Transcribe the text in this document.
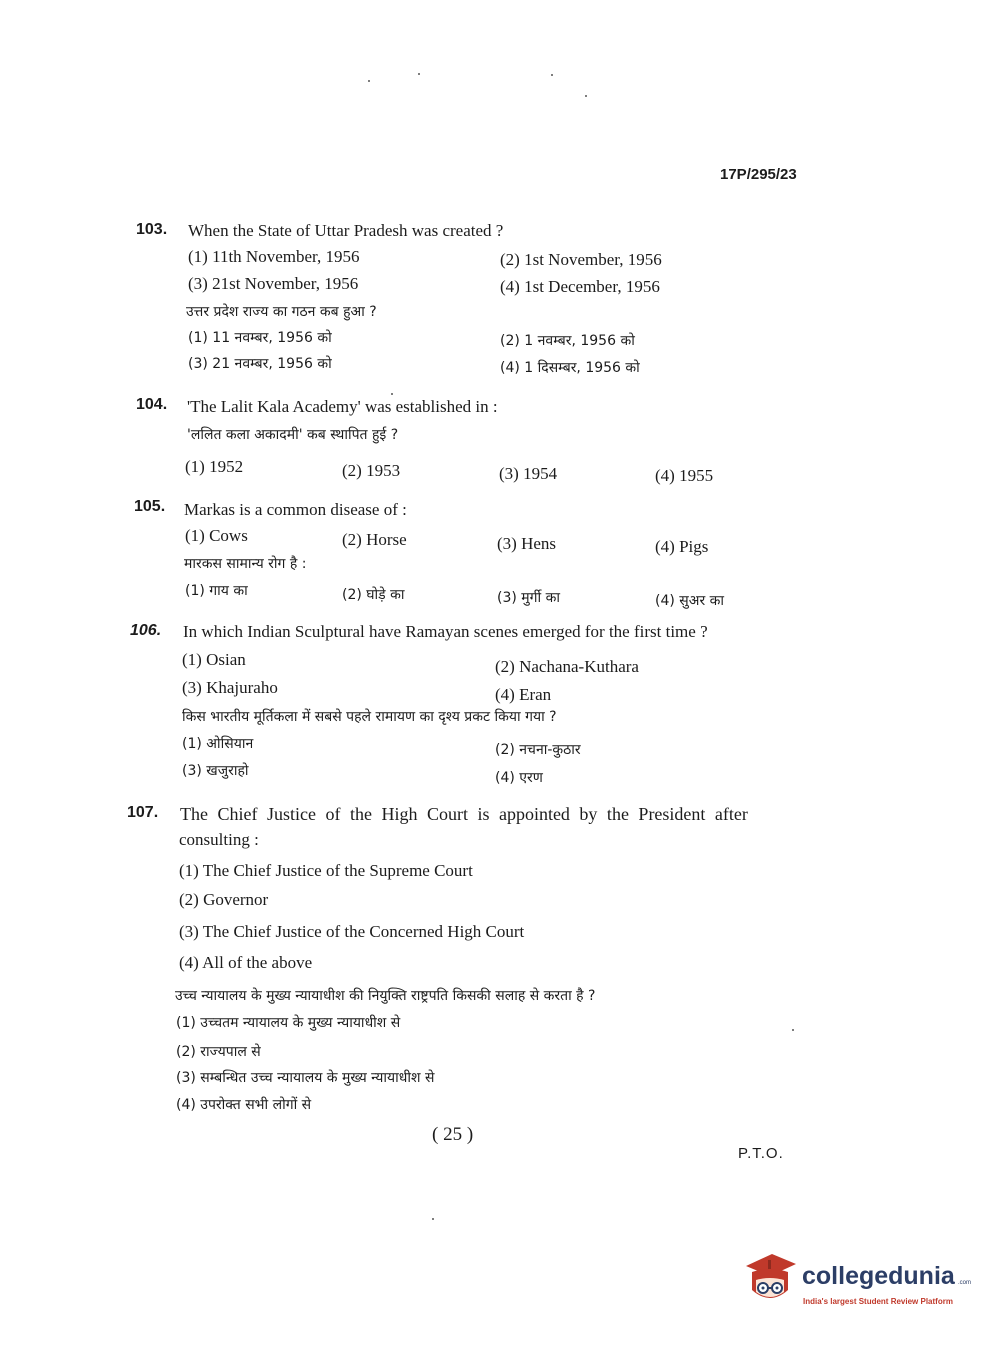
17P/295/23
103. When the State of Uttar Pradesh was created ?
(1) 11th November, 1956	(2) 1st November, 1956
(3) 21st November, 1956	(4) 1st December, 1956
उत्तर प्रदेश राज्य का गठन कब हुआ ?
(1) 11 नवम्बर, 1956 को	(2) 1 नवम्बर, 1956 को
(3) 21 नवम्बर, 1956 को	(4) 1 दिसम्बर, 1956 को
104. 'The Lalit Kala Academy' was established in :
'ललित कला अकादमी' कब स्थापित हुई ?
(1) 1952	(2) 1953	(3) 1954	(4) 1955
105. Markas is a common disease of :
(1) Cows	(2) Horse	(3) Hens	(4) Pigs
मारकस सामान्य रोग है :
(1) गाय का	(2) घोड़े का	(3) मुर्गी का	(4) सुअर का
106. In which Indian Sculptural have Ramayan scenes emerged for the first time ?
(1) Osian	(2) Nachana-Kuthara
(3) Khajuraho	(4) Eran
किस भारतीय मूर्तिकला में सबसे पहले रामायण का दृश्य प्रकट किया गया ?
(1) ओसियान	(2) नचना-कुठार
(3) खजुराहो	(4) एरण
107. The Chief Justice of the High Court is appointed by the President after
consulting :
(1) The Chief Justice of the Supreme Court
(2) Governor
(3) The Chief Justice of the Concerned High Court
(4) All of the above
उच्च न्यायालय के मुख्य न्यायाधीश की नियुक्ति राष्ट्रपति किसकी सलाह से करता है ?
(1) उच्चतम न्यायालय के मुख्य न्यायाधीश से
(2) राज्यपाल से
(3) सम्बन्धित उच्च न्यायालय के मुख्य न्यायाधीश से
(4) उपरोक्त सभी लोगों से
( 25 )
P.T.O.
collegedunia .com
India's largest Student Review Platform
